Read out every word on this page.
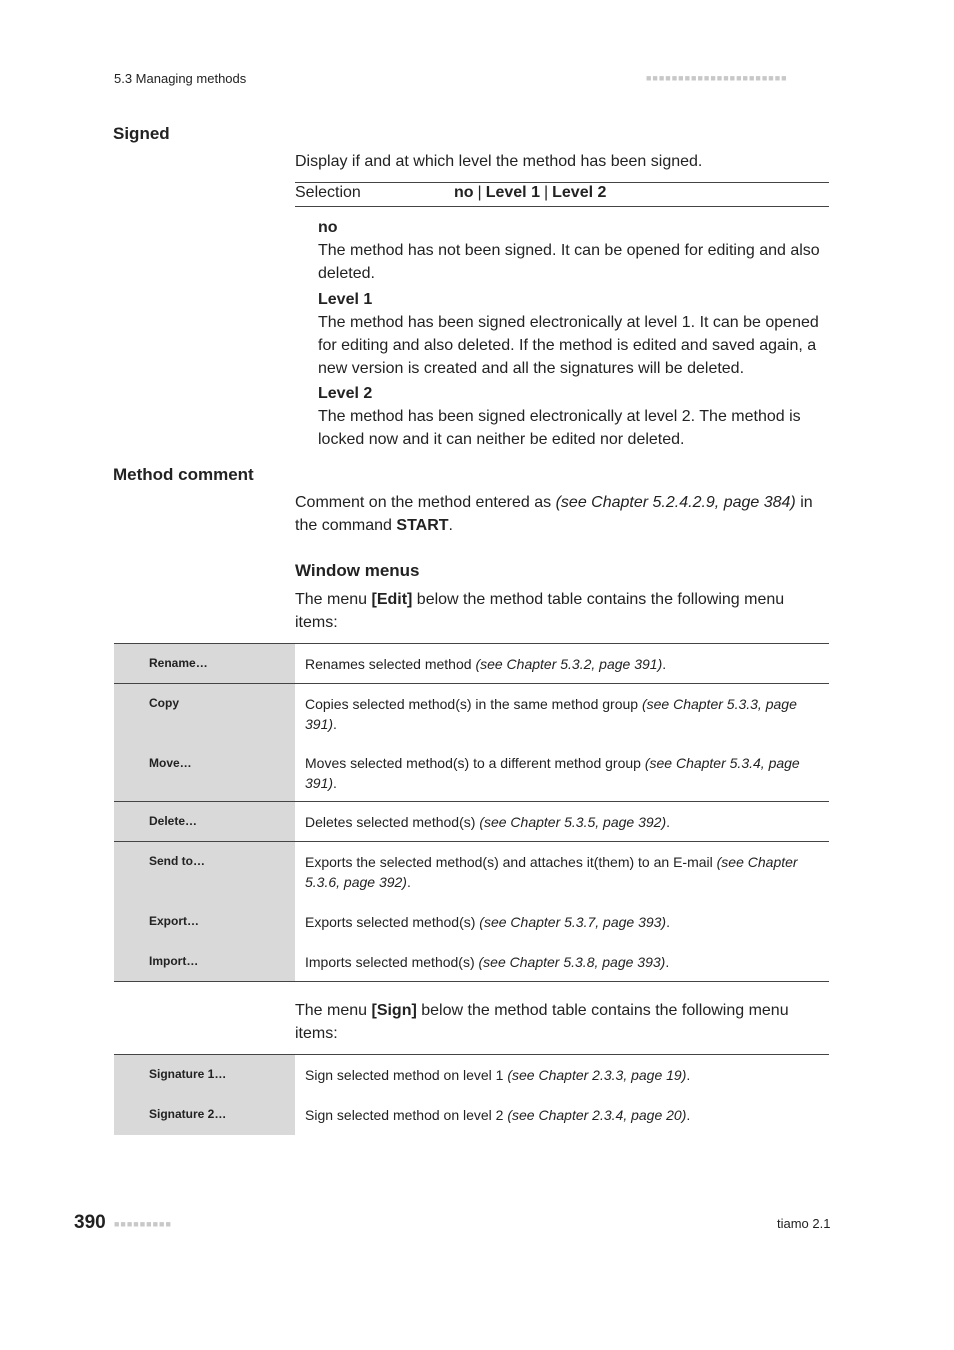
5.3 Managing methods	■■■■■■■■■■■■■■■■■■■■■■
Signed
Display if and at which level the method has been signed.
Selection	no | Level 1 | Level 2
no
The method has not been signed. It can be opened for editing and also deleted.
Level 1
The method has been signed electronically at level 1. It can be opened for editing and also deleted. If the method is edited and saved again, a new version is created and all the signatures will be deleted.
Level 2
The method has been signed electronically at level 2. The method is locked now and it can neither be edited nor deleted.
Method comment
Comment on the method entered as (see Chapter 5.2.4.2.9, page 384) in the command START.
Window menus
The menu [Edit] below the method table contains the following menu items:
Rename…	Renames selected method (see Chapter 5.3.2, page 391).
Copy	Copies selected method(s) in the same method group (see Chapter 5.3.3, page 391).
Move…	Moves selected method(s) to a different method group (see Chapter 5.3.4, page 391).
Delete…	Deletes selected method(s) (see Chapter 5.3.5, page 392).
Send to…	Exports the selected method(s) and attaches it(them) to an E-mail (see Chapter 5.3.6, page 392).
Export…	Exports selected method(s) (see Chapter 5.3.7, page 393).
Import…	Imports selected method(s) (see Chapter 5.3.8, page 393).
The menu [Sign] below the method table contains the following menu items:
Signature 1…	Sign selected method on level 1 (see Chapter 2.3.3, page 19).
Signature 2…	Sign selected method on level 2 (see Chapter 2.3.4, page 20).
390 ■■■■■■■■■	tiamo 2.1
